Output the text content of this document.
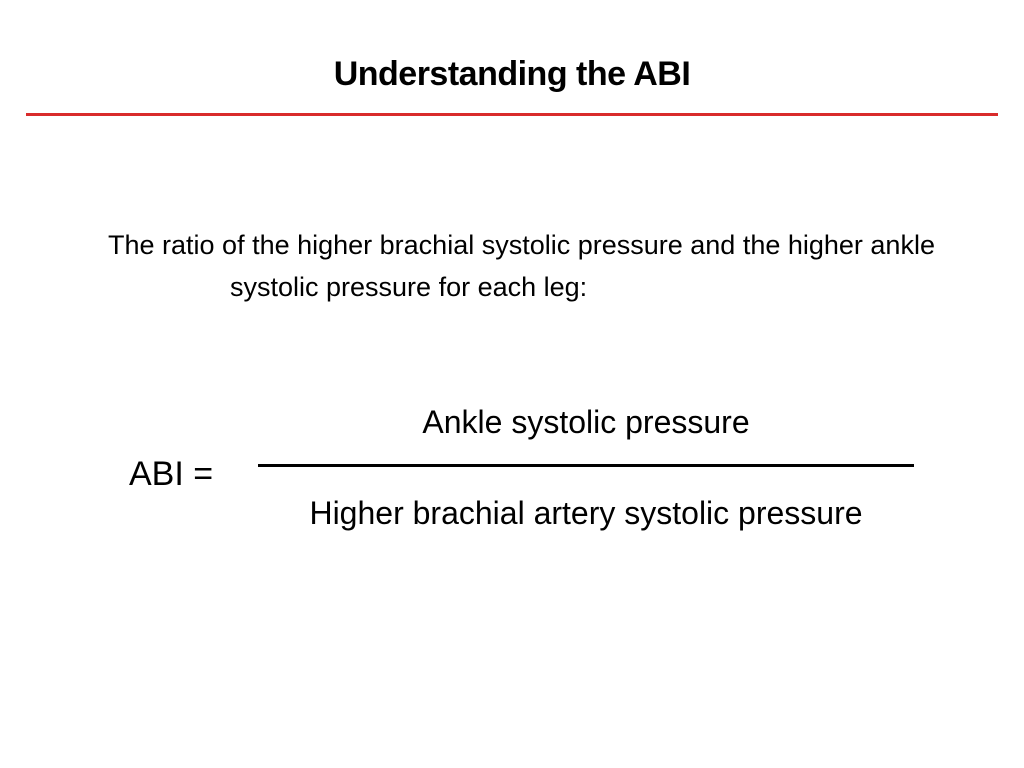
Understanding the ABI
The ratio of the higher brachial systolic pressure and the higher ankle systolic pressure for each leg:
ABI =
Ankle systolic pressure
Higher brachial artery systolic pressure
